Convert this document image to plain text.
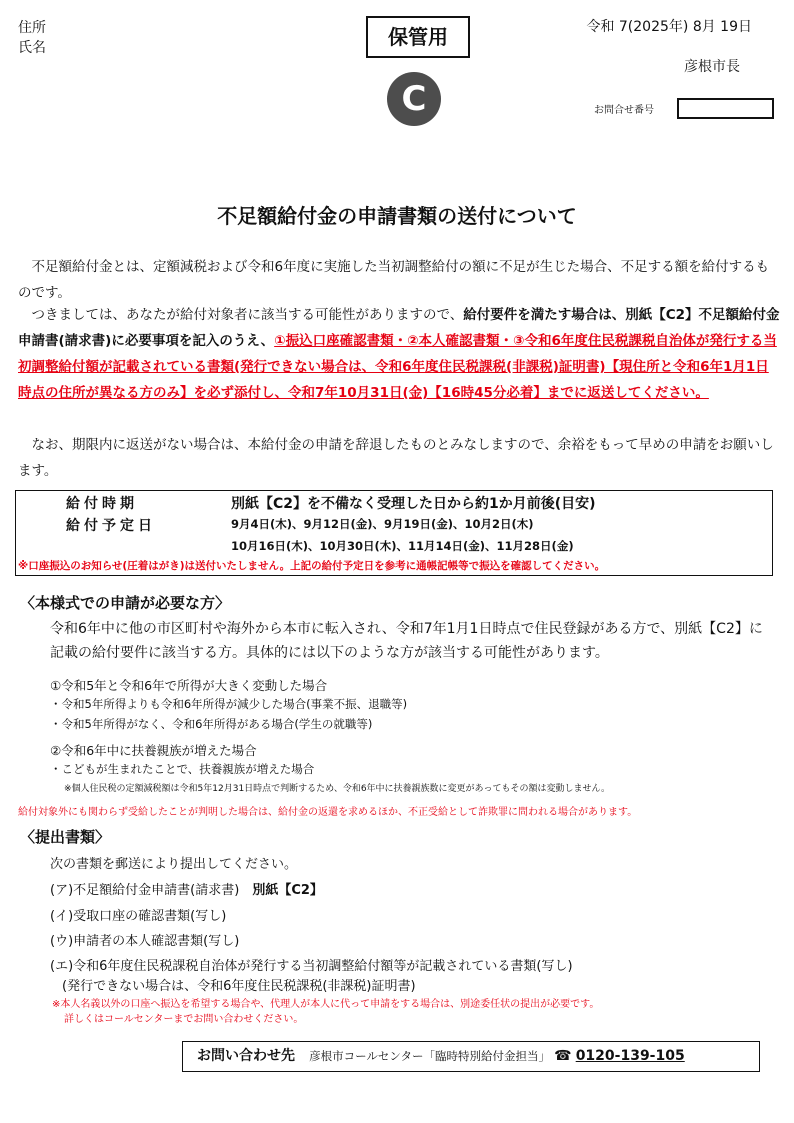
住所
氏名	保管用
C
令和 7(2025年) 8月 19日
彦根市長
お問合せ番号
不足額給付金の申請書類の送付について
　不足額給付金とは、定額減税および令和6年度に実施した当初調整給付の額に不足が生じた場合、不足する額を給付するものです。
　つきましては、あなたが給付対象者に該当する可能性がありますので、給付要件を満たす場合は、別紙【C2】不足額給付金申請書(請求書)に必要事項を記入のうえ、①振込口座確認書類・②本人確認書類・③令和6年度住民税課税自治体が発行する当初調整給付額が記載されている書類(発行できない場合は、令和6年度住民税課税(非課税)証明書)【現住所と令和6年1月1日時点の住所が異なる方のみ】を必ず添付し、令和7年10月31日(金)【16時45分必着】までに返送してください。
　なお、期限内に返送がない場合は、本給付金の申請を辞退したものとみなしますので、余裕をもって早めの申請をお願いします。
給付時期	別紙【C2】を不備なく受理した日から約1か月前後(目安)
給付予定日	9月4日(木)、9月12日(金)、9月19日(金)、10月2日(木)
10月16日(木)、10月30日(木)、11月14日(金)、11月28日(金)
※口座振込のお知らせ(圧着はがき)は送付いたしません。上記の給付予定日を参考に通帳記帳等で振込を確認してください。
〈本様式での申請が必要な方〉
令和6年中に他の市区町村や海外から本市に転入され、令和7年1月1日時点で住民登録がある方で、別紙【C2】に記載の給付要件に該当する方。具体的には以下のような方が該当する可能性があります。
①令和5年と令和6年で所得が大きく変動した場合
・令和5年所得よりも令和6年所得が減少した場合(事業不振、退職等)
・令和5年所得がなく、令和6年所得がある場合(学生の就職等)
②令和6年中に扶養親族が増えた場合
・こどもが生まれたことで、扶養親族が増えた場合
※個人住民税の定額減税額は令和5年12月31日時点で判断するため、令和6年中に扶養親族数に変更があってもその額は変動しません。
給付対象外にも関わらず受給したことが判明した場合は、給付金の返還を求めるほか、不正受給として詐欺罪に問われる場合があります。
〈提出書類〉
次の書類を郵送により提出してください。
(ア)不足額給付金申請書(請求書)　 別紙【C2】
(イ)受取口座の確認書類(写し)
(ウ)申請者の本人確認書類(写し)
(エ)令和6年度住民税課税自治体が発行する当初調整給付額等が記載されている書類(写し)
(発行できない場合は、令和6年度住民税課税(非課税)証明書)
※本人名義以外の口座へ振込を希望する場合や、代理人が本人に代って申請をする場合は、別途委任状の提出が必要です。
詳しくはコールセンターまでお問い合わせください。
お問い合わせ先 彦根市コールセンター「臨時特別給付金担当」 ☎ 0120-139-105
